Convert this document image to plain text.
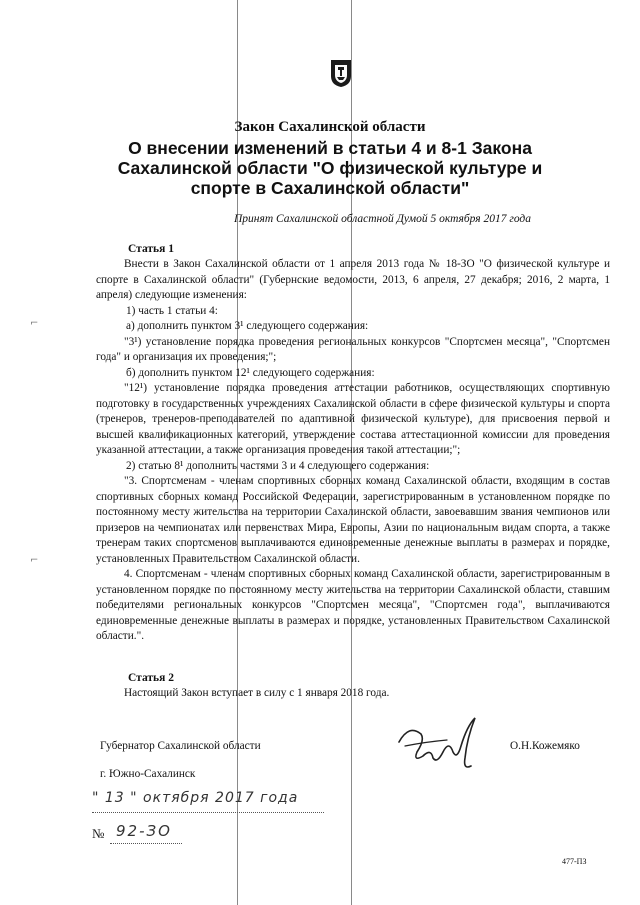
⌐
⌐
Закон Сахалинской области
О внесении изменений в статьи 4 и 8-1 Закона
Сахалинской области "О физической культуре и
спорте в Сахалинской области"
Принят Сахалинской областной Думой 5 октября 2017 года
Статья 1

Внести в Закон Сахалинской области от 1 апреля 2013 года № 18-ЗО "О физической культуре и спорте в Сахалинской области" (Губернские ведомости, 2013, 6 апреля, 27 декабря; 2016, 2 марта, 1 апреля) следующие изменения:

1) часть 1 статьи 4:

а) дополнить пунктом 3¹ следующего содержания:

"3¹) установление порядка проведения региональных конкурсов "Спортсмен месяца", "Спортсмен года" и организация их проведения;";

б) дополнить пунктом 12¹ следующего содержания:

"12¹) установление порядка проведения аттестации работников, осуществляющих спортивную подготовку в государственных учреждениях Сахалинской области в сфере физической культуры и спорта (тренеров, тренеров-преподавателей по адаптивной физической культуре), для присвоения первой и высшей квалификационных категорий, утверждение состава аттестационной комиссии для проведения указанной аттестации, а также организация проведения такой аттестации;";

2) статью 8¹ дополнить частями 3 и 4 следующего содержания:

"3. Спортсменам - членам спортивных сборных команд Сахалинской области, входящим в состав спортивных сборных команд Российской Федерации, зарегистрированным в установленном порядке по постоянному месту жительства на территории Сахалинской области, завоевавшим звания чемпионов или призеров на чемпионатах или первенствах Мира, Европы, Азии по национальным видам спорта, а также тренерам таких спортсменов выплачиваются единовременные денежные выплаты в размерах и порядке, установленных Правительством Сахалинской области.

4. Спортсменам - членам спортивных сборных команд Сахалинской области, зарегистрированным в установленном порядке по постоянному месту жительства на территории Сахалинской области, ставшим победителями региональных конкурсов "Спортсмен месяца", "Спортсмен года", выплачиваются единовременные денежные выплаты в размерах и порядке, установленных Правительством Сахалинской области.".

Статья 2
Настоящий Закон вступает в силу с 1 января 2018 года.
Губернатор Сахалинской области	О.Н.Кожемяко
г. Южно-Сахалинск
" 13 " октября 2017 года
№ 92-ЗО
477-ПЗ
